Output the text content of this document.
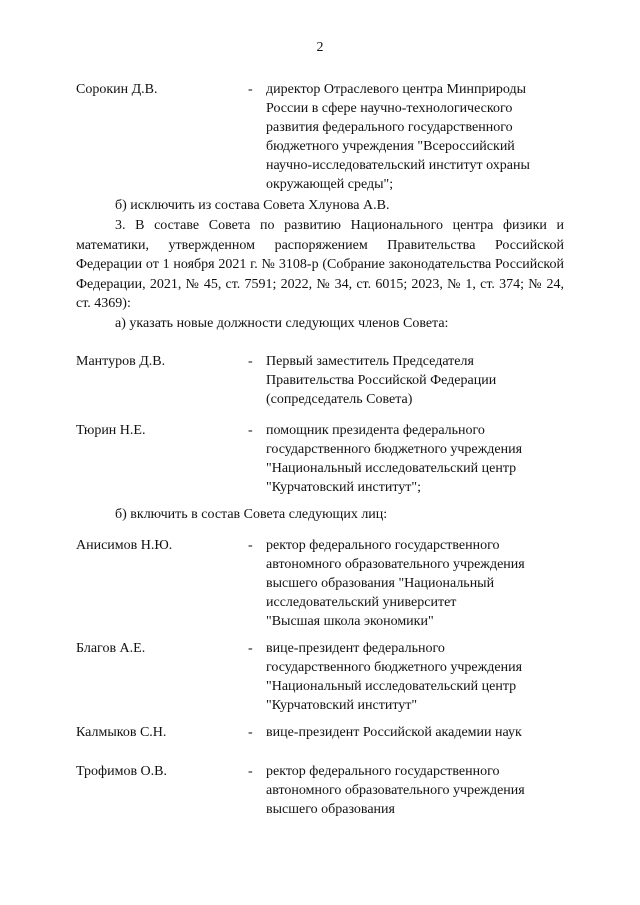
2
Сорокин Д.В.	- директор Отраслевого центра Минприроды
России в сфере научно-технологического
развития федерального государственного
бюджетного учреждения "Всероссийский
научно-исследовательский институт охраны
окружающей среды";
б) исключить из состава Совета Хлунова А.В.
3. В составе Совета по развитию Национального центра физики и математики, утвержденном распоряжением Правительства Российской Федерации от 1 ноября 2021 г. № 3108-р (Собрание законодательства Российской Федерации, 2021, № 45, ст. 7591; 2022, № 34, ст. 6015; 2023, № 1, ст. 374; № 24, ст. 4369):
а) указать новые должности следующих членов Совета:
Мантуров Д.В.	- Первый заместитель Председателя
Правительства Российской Федерации
(сопредседатель Совета)
Тюрин Н.Е.	- помощник президента федерального
государственного бюджетного учреждения
"Национальный исследовательский центр
"Курчатовский институт";
б) включить в состав Совета следующих лиц:
Анисимов Н.Ю.	- ректор федерального государственного
автономного образовательного учреждения
высшего образования "Национальный
исследовательский университет
"Высшая школа экономики"
Благов А.Е.	- вице-президент федерального
государственного бюджетного учреждения
"Национальный исследовательский центр
"Курчатовский институт"
Калмыков С.Н.	- вице-президент Российской академии наук
Трофимов О.В.	- ректор федерального государственного
автономного образовательного учреждения
высшего образования
